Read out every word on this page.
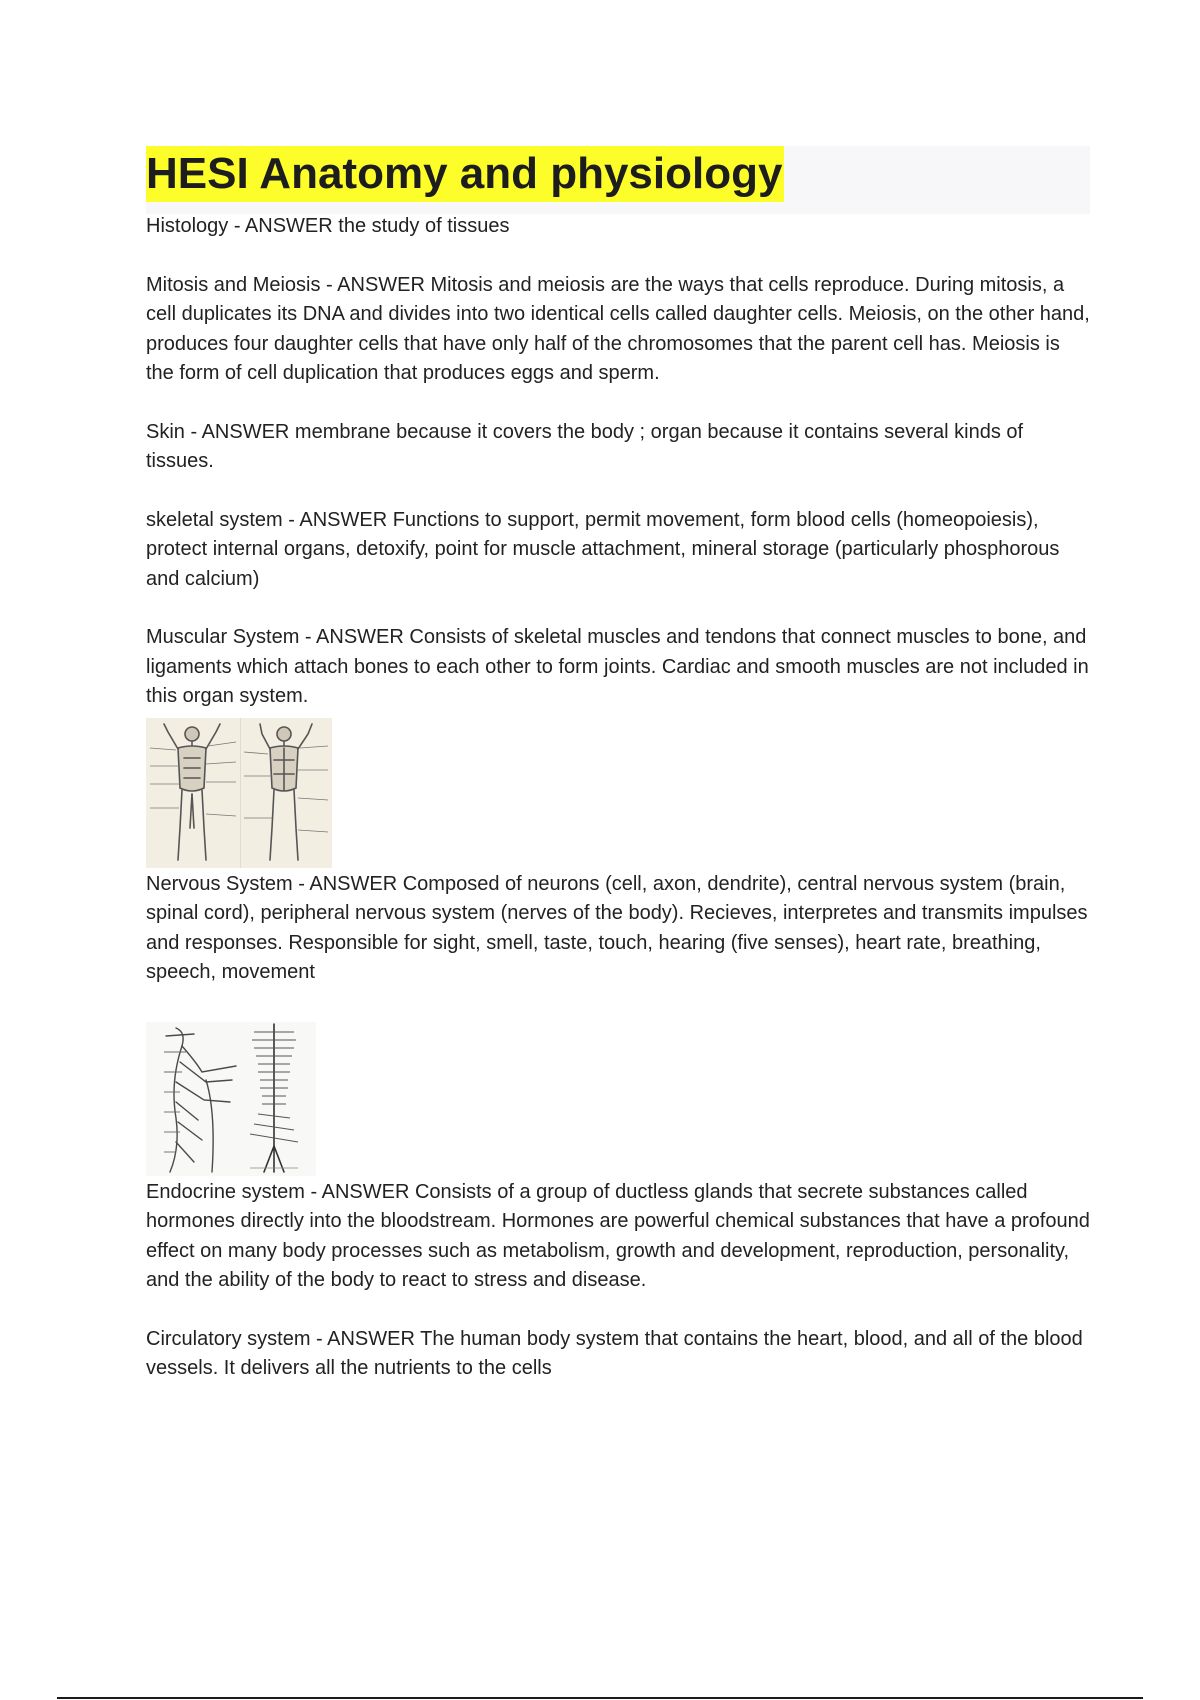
HESI Anatomy and physiology

Histology - ANSWER the study of tissues

Mitosis and Meiosis - ANSWER Mitosis and meiosis are the ways that cells reproduce. During mitosis, a cell duplicates its DNA and divides into two identical cells called daughter cells. Meiosis, on the other hand, produces four daughter cells that have only half of the chromosomes that the parent cell has. Meiosis is the form of cell duplication that produces eggs and sperm.

Skin - ANSWER membrane because it covers the body ; organ because it contains several kinds of tissues.

skeletal system - ANSWER Functions to support, permit movement, form blood cells (homeopoiesis), protect internal organs, detoxify, point for muscle attachment, mineral storage (particularly phosphorous and calcium)

Muscular System - ANSWER Consists of skeletal muscles and tendons that connect muscles to bone, and ligaments which attach bones to each other to form joints. Cardiac and smooth muscles are not included in this organ system.

Nervous System - ANSWER Composed of neurons (cell, axon, dendrite), central nervous system (brain, spinal cord), peripheral nervous system (nerves of the body). Recieves, interpretes and transmits impulses and responses. Responsible for sight, smell, taste, touch, hearing (five senses), heart rate, breathing, speech, movement

Endocrine system - ANSWER Consists of a group of ductless glands that secrete substances called hormones directly into the bloodstream. Hormones are powerful chemical substances that have a profound effect on many body processes such as metabolism, growth and development, reproduction, personality, and the ability of the body to react to stress and disease.

Circulatory system - ANSWER The human body system that contains the heart, blood, and all of the blood vessels. It delivers all the nutrients to the cells
